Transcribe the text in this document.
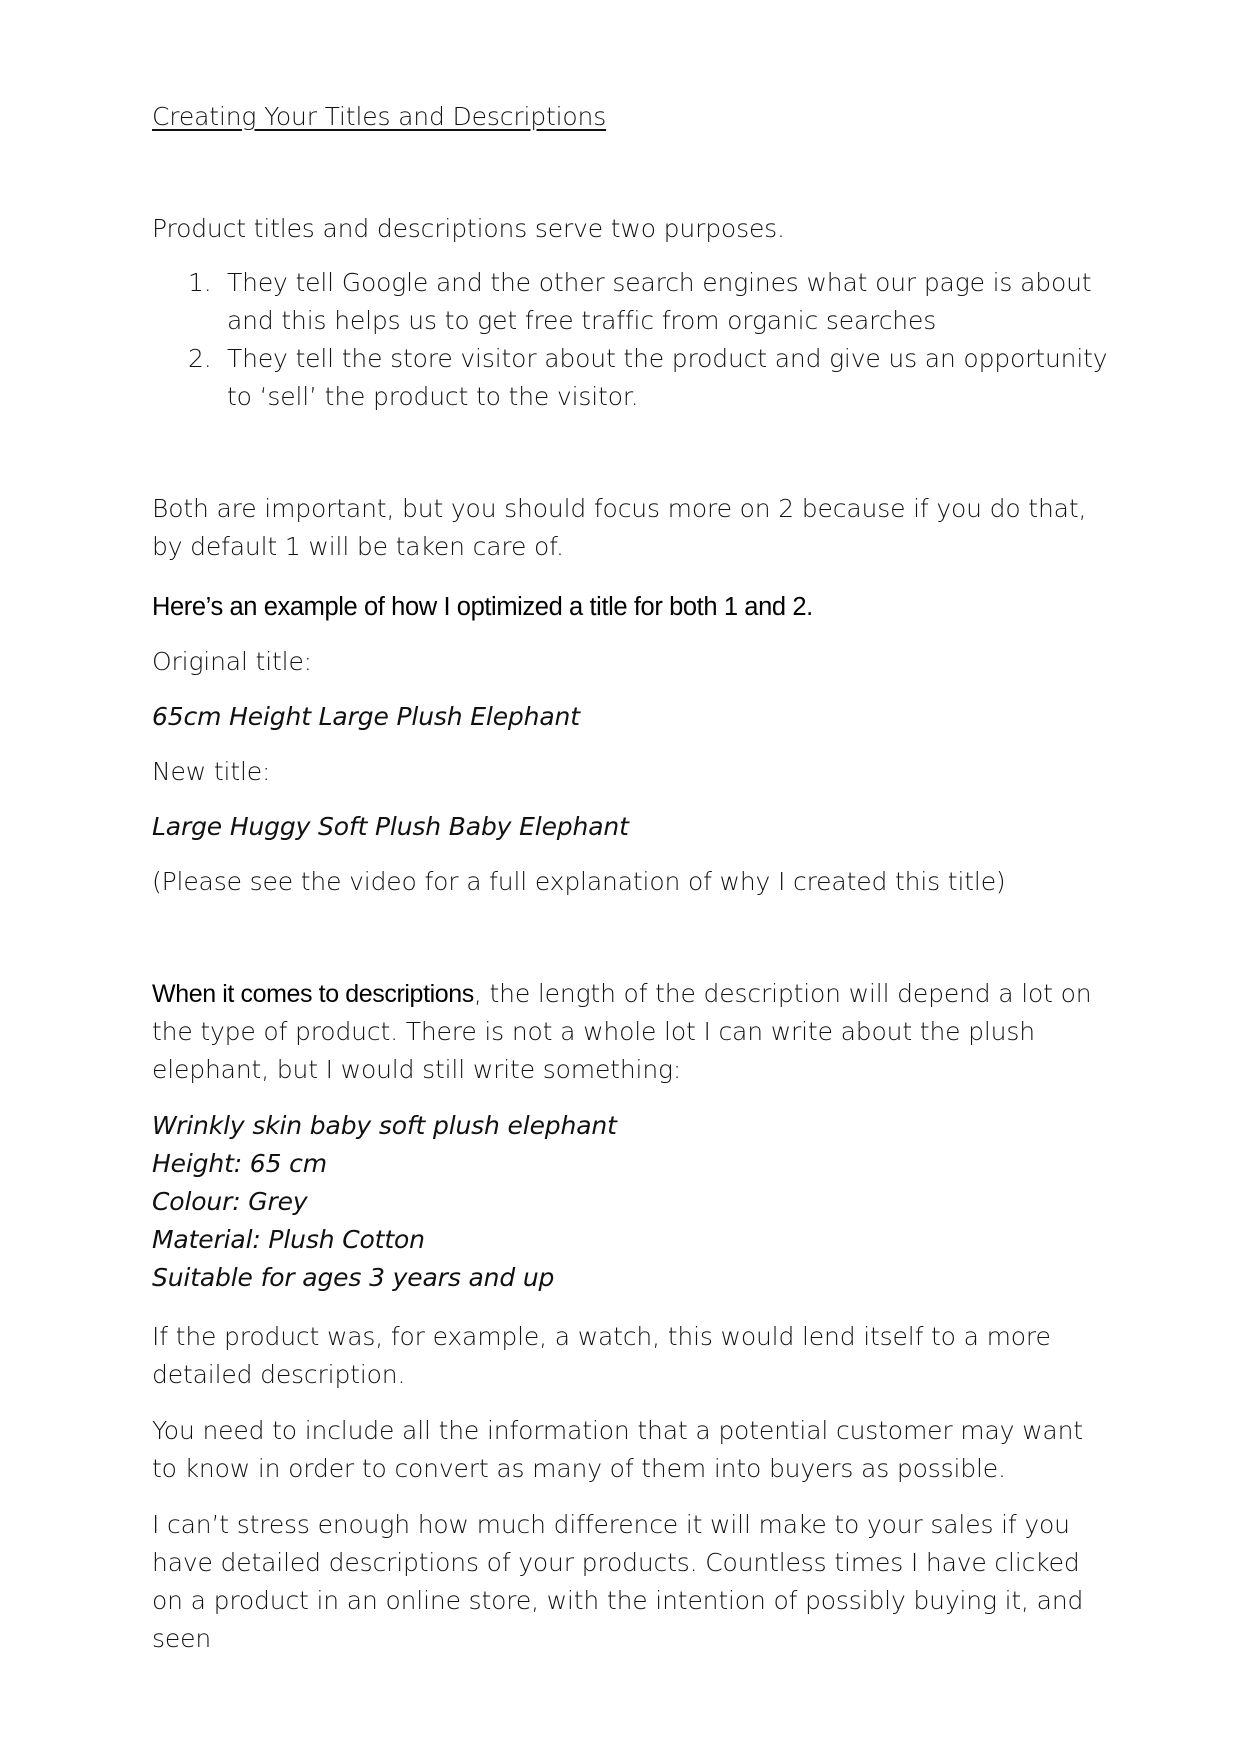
Creating Your Titles and Descriptions

Product titles and descriptions serve two purposes.

1. They tell Google and the other search engines what our page is about and this helps us to get free traffic from organic searches
2. They tell the store visitor about the product and give us an opportunity to ‘sell’ the product to the visitor.

Both are important, but you should focus more on 2 because if you do that, by default 1 will be taken care of.

Here’s an example of how I optimized a title for both 1 and 2.

Original title:

65cm Height Large Plush Elephant

New title:

Large Huggy Soft Plush Baby Elephant

(Please see the video for a full explanation of why I created this title)

When it comes to descriptions, the length of the description will depend a lot on the type of product. There is not a whole lot I can write about the plush elephant, but I would still write something:

Wrinkly skin baby soft plush elephant
Height: 65 cm
Colour: Grey
Material: Plush Cotton
Suitable for ages 3 years and up

If the product was, for example, a watch, this would lend itself to a more detailed description.

You need to include all the information that a potential customer may want to know in order to convert as many of them into buyers as possible.

I can’t stress enough how much difference it will make to your sales if you have detailed descriptions of your products. Countless times I have clicked on a product in an online store, with the intention of possibly buying it, and seen
